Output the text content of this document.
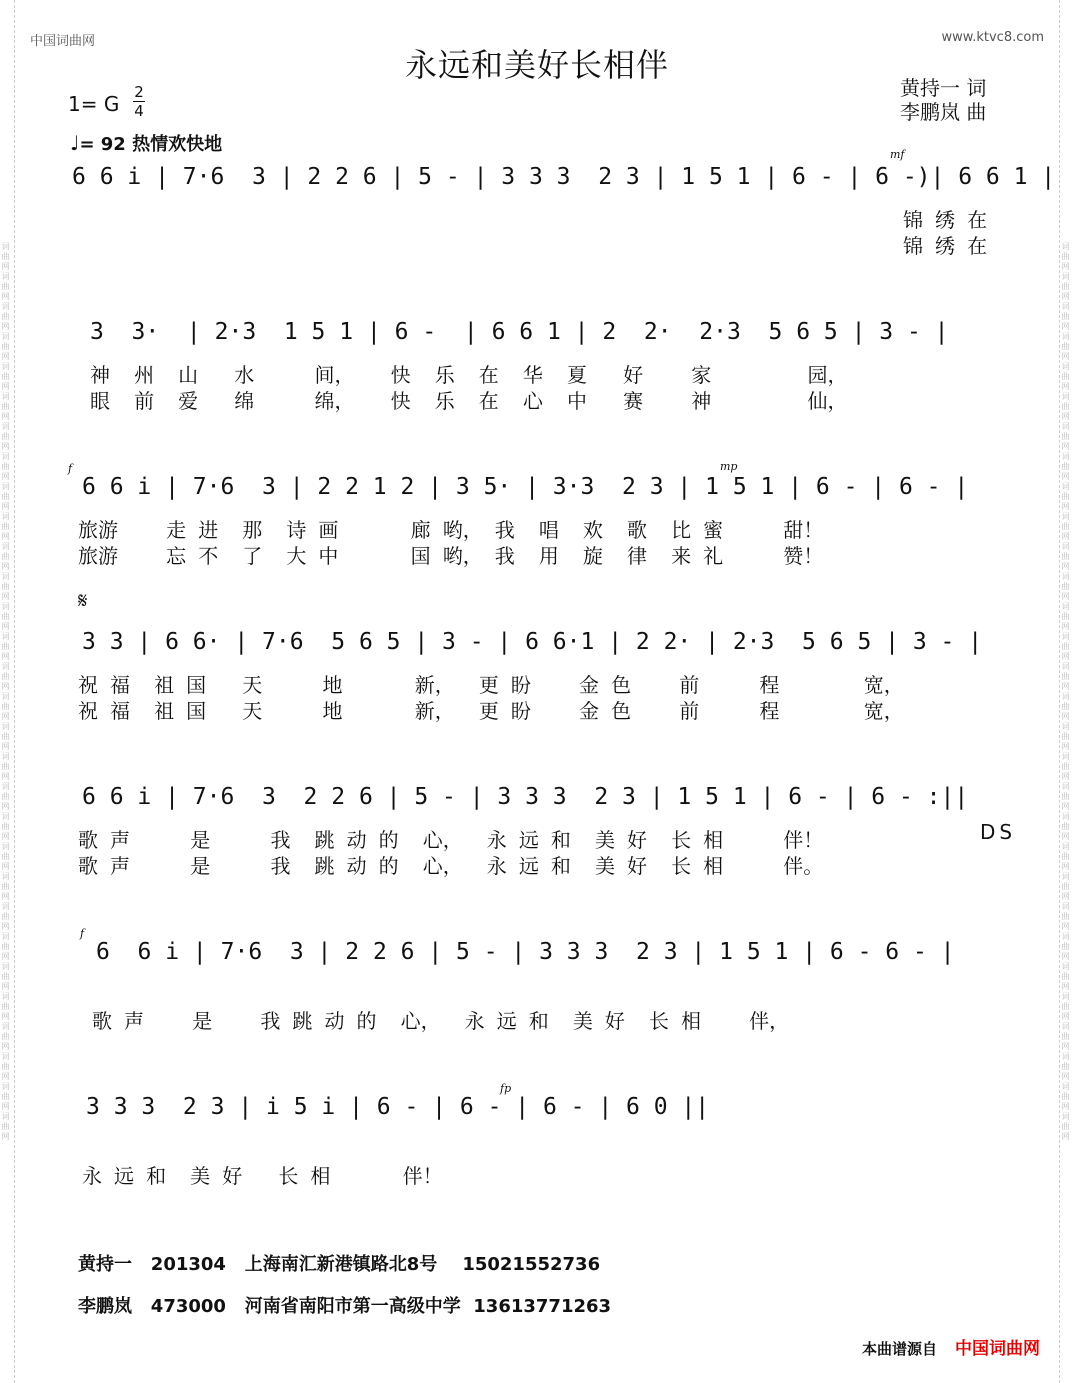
词曲网词曲网词曲网词曲网词曲网词曲网词曲网词曲网词曲网词曲网词曲网词曲网词曲网词曲网词曲网词曲网词曲网词曲网词曲网词曲网词曲网词曲网词曲网词曲网词曲网词曲网词曲网词曲网词曲网词曲网	词曲网词曲网词曲网词曲网词曲网词曲网词曲网词曲网词曲网词曲网词曲网词曲网词曲网词曲网词曲网词曲网词曲网词曲网词曲网词曲网词曲网词曲网词曲网词曲网词曲网词曲网词曲网词曲网词曲网词曲网
中国词曲网	www.ktvc8.com
永远和美好长相伴
黄持一 词
李鹏岚 曲
1= G 2
4
♩= 92 热情欢快地
6 6 i | 7·6  3 | 2 2 6 | 5 - | 3 3 3  2 3 | 1 5 1 | 6 - | 6 -)| 6 6 1 |
mf
锦 绣 在
锦 绣 在
3  3·  | 2·3  1 5 1 | 6 -  | 6 6 1 | 2  2·  2·3  5 6 5 | 3 - |
神  州  山   水     间，   快  乐  在  华  夏   好    家        园，
眼  前  爱   绵     绵，   快  乐  在  心  中   赛    神        仙，
f	mp
6 6 i | 7·6  3 | 2 2 1 2 | 3 5· | 3·3  2 3 | 1 5 1 | 6 - | 6 - |
旅游    走 进  那  诗 画      廊 哟， 我  唱  欢  歌  比 蜜     甜！
旅游    忘 不  了  大 中      国 哟， 我  用  旋  律  来 礼     赞！
𝄋
3 3 | 6 6· | 7·6  5 6 5 | 3 - | 6 6·1 | 2 2· | 2·3  5 6 5 | 3 - |
祝 福  祖 国   天     地      新，  更 盼    金 色    前     程       宽，
祝 福  祖 国   天     地      新，  更 盼    金 色    前     程       宽，
6 6 i | 7·6  3  2 2 6 | 5 - | 3 3 3  2 3 | 1 5 1 | 6 - | 6 - :||
DS
歌 声     是     我  跳 动 的  心，  永 远 和  美 好  长 相     伴！
歌 声     是     我  跳 动 的  心，  永 远 和  美 好  长 相     伴。
f
6  6 i | 7·6  3 | 2 2 6 | 5 - | 3 3 3  2 3 | 1 5 1 | 6 - 6 - |
歌 声    是    我 跳 动 的  心，  永 远 和  美 好  长 相    伴，
fp
3 3 3  2 3 | i 5 i | 6 - | 6 - | 6 - | 6 0 ||
永 远 和  美 好   长 相      伴！
黄持一   201304   上海南汇新港镇路北8号    15021552736
李鹏岚   473000   河南省南阳市第一高级中学  13613771263
本曲谱源自 中国词曲网
